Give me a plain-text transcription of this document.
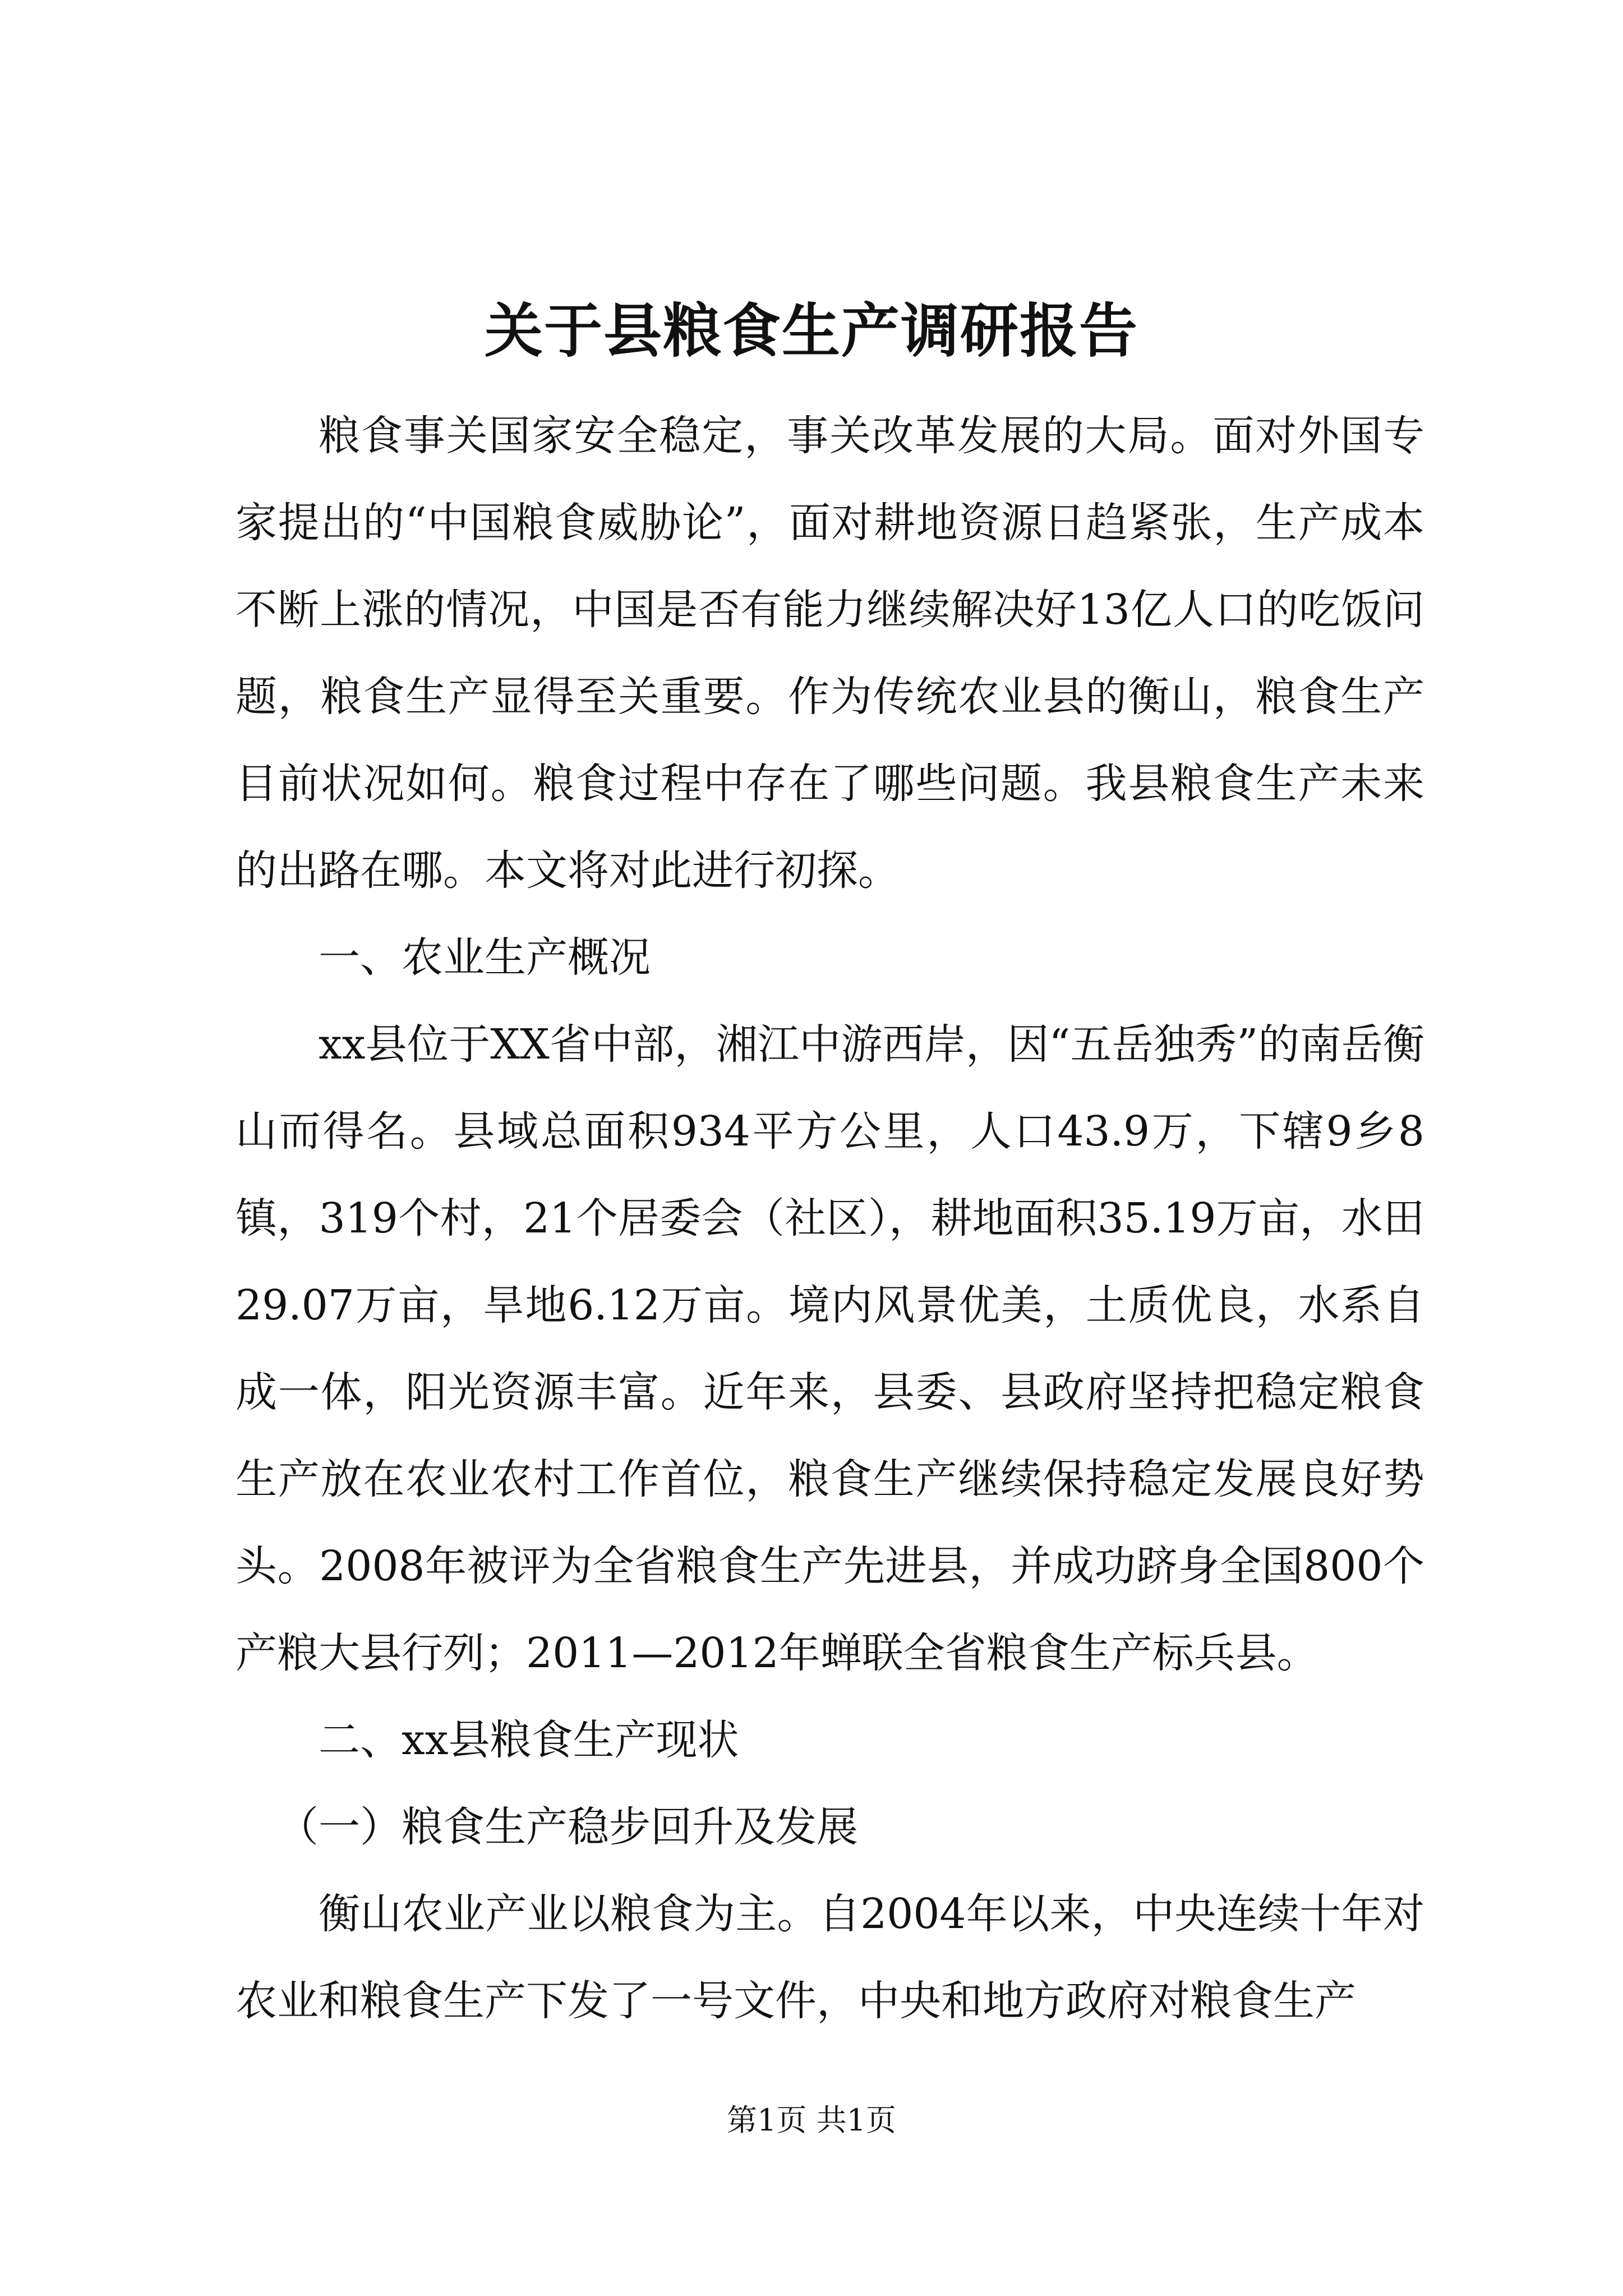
关于县粮食生产调研报告

粮食事关国家安全稳定，事关改革发展的大局。面对外国专家提出的“中国粮食威胁论”，面对耕地资源日趋紧张，生产成本不断上涨的情况，中国是否有能力继续解决好13亿人口的吃饭问题，粮食生产显得至关重要。作为传统农业县的衡山，粮食生产目前状况如何。粮食过程中存在了哪些问题。我县粮食生产未来的出路在哪。本文将对此进行初探。

一、农业生产概况

xx县位于XX省中部，湘江中游西岸，因“五岳独秀”的南岳衡山而得名。县域总面积934平方公里，人口43.9万，下辖9乡8镇，319个村，21个居委会（社区），耕地面积35.19万亩，水田29.07万亩，旱地6.12万亩。境内风景优美，土质优良，水系自成一体，阳光资源丰富。近年来，县委、县政府坚持把稳定粮食生产放在农业农村工作首位，粮食生产继续保持稳定发展良好势头。2008年被评为全省粮食生产先进县，并成功跻身全国800个产粮大县行列；2011—2012年蝉联全省粮食生产标兵县。

二、xx县粮食生产现状

（一）粮食生产稳步回升及发展

衡山农业产业以粮食为主。自2004年以来，中央连续十年对农业和粮食生产下发了一号文件，中央和地方政府对粮食生产

第1页 共1页
